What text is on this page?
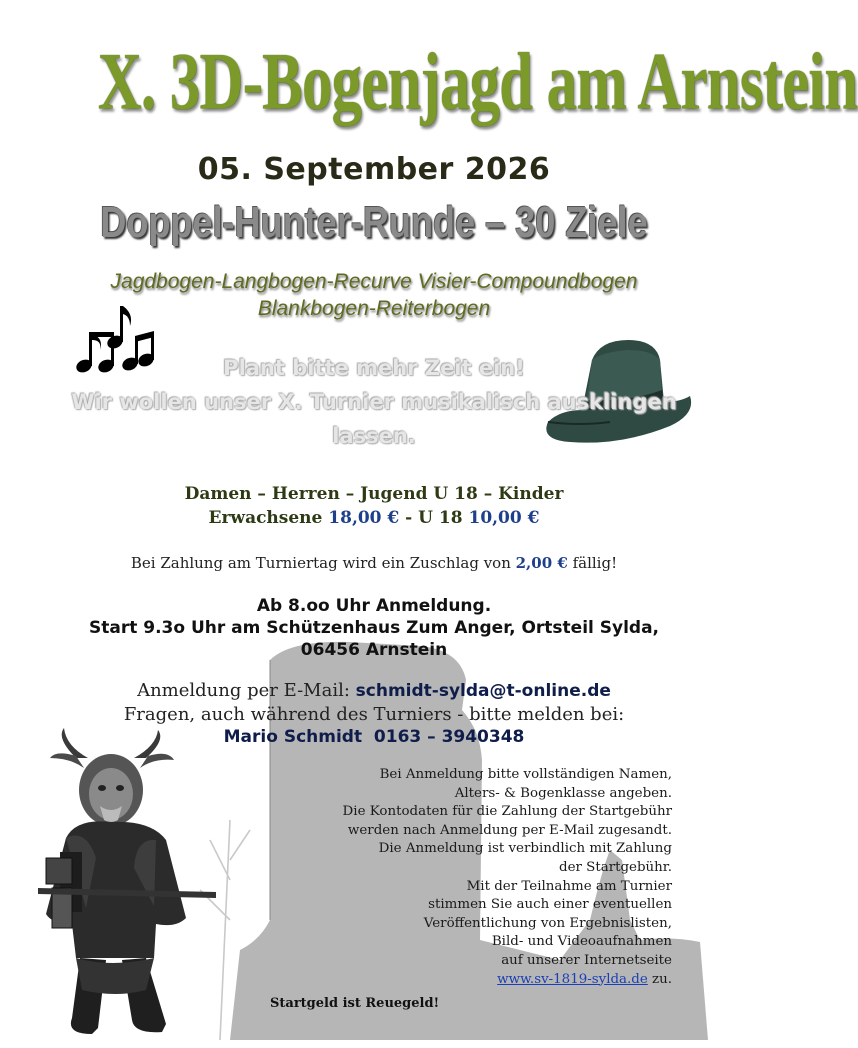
X. 3D-Bogenjagd am Arnstein
05. September 2026
Doppel-Hunter-Runde – 30 Ziele
Jagdbogen-Langbogen-Recurve Visier-Compoundbogen
Blankbogen-Reiterbogen
Plant bitte mehr Zeit ein!
Wir wollen unser X. Turnier musikalisch ausklingen
lassen.
Damen – Herren – Jugend U 18 – Kinder
Erwachsene 18,00 € - U 18 10,00 €
Bei Zahlung am Turniertag wird ein Zuschlag von 2,00 € fällig!
Ab 8.oo Uhr Anmeldung.
Start 9.3o Uhr am Schützenhaus Zum Anger, Ortsteil Sylda,
06456 Arnstein
Anmeldung per E-Mail: schmidt-sylda@t-online.de
Fragen, auch während des Turniers - bitte melden bei:
Mario Schmidt  0163 – 3940348
Bei Anmeldung bitte vollständigen Namen,
Alters- & Bogenklasse angeben.
Die Kontodaten für die Zahlung der Startgebühr
werden nach Anmeldung per E-Mail zugesandt.
Die Anmeldung ist verbindlich mit Zahlung
der Startgebühr.
Mit der Teilnahme am Turnier
stimmen Sie auch einer eventuellen
Veröffentlichung von Ergebnislisten,
Bild- und Videoaufnahmen
auf unserer Internetseite
www.sv-1819-sylda.de zu.
Startgeld ist Reuegeld!
